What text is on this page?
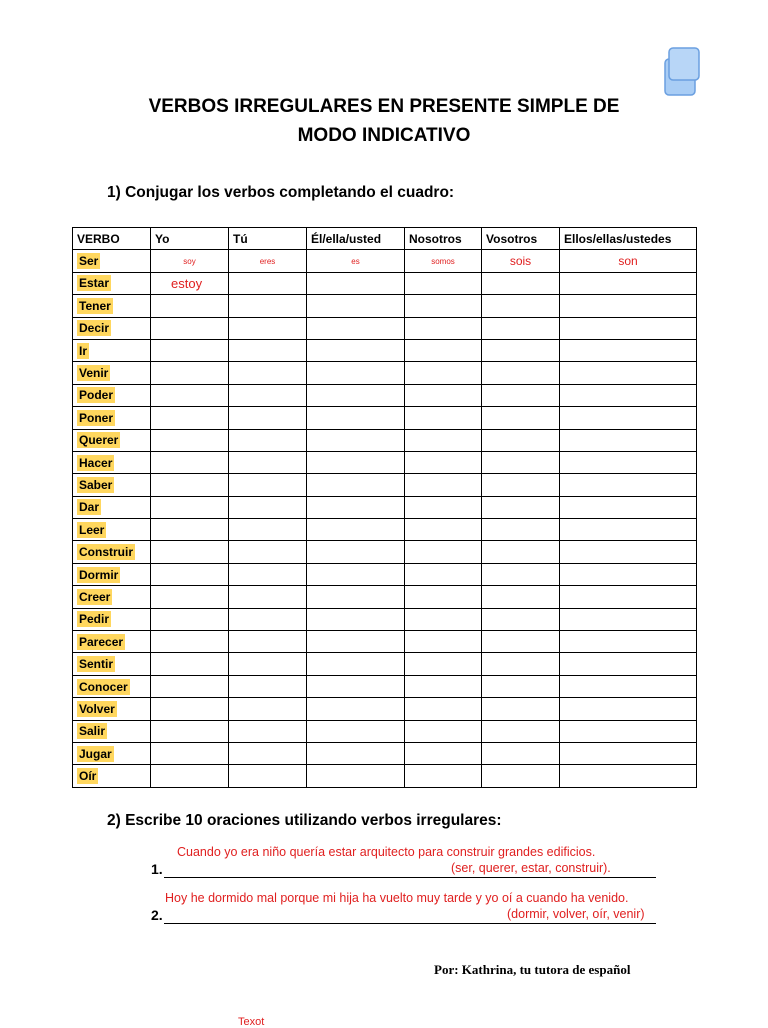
VERBOS IRREGULARES EN PRESENTE SIMPLE DE
MODO INDICATIVO
1) Conjugar los verbos completando el cuadro:
VERBO	Yo	Tú	Él/ella/usted	Nosotros	Vosotros	Ellos/ellas/ustedes
Ser	soy	eres	es	somos	sois	son

Estar	estoy					

Tener						
Decir						
Ir						
Venir						
Poder						
Poner						
Querer						
Hacer						
Saber						
Dar						
Leer						
Construir						
Dormir						
Creer						
Pedir						
Parecer						
Sentir						
Conocer						
Volver						
Salir						
Jugar						
Oír						
2) Escribe 10 oraciones utilizando verbos irregulares:
Cuando yo era niño quería estar arquitecto para construir grandes edificios.
1.	(ser, querer, estar, construir).
Hoy he dormido mal porque mi hija ha vuelto muy tarde y yo oí a cuando ha venido.
2.	(dormir, volver, oír, venir)
Por: Kathrina, tu tutora de español
Texot
